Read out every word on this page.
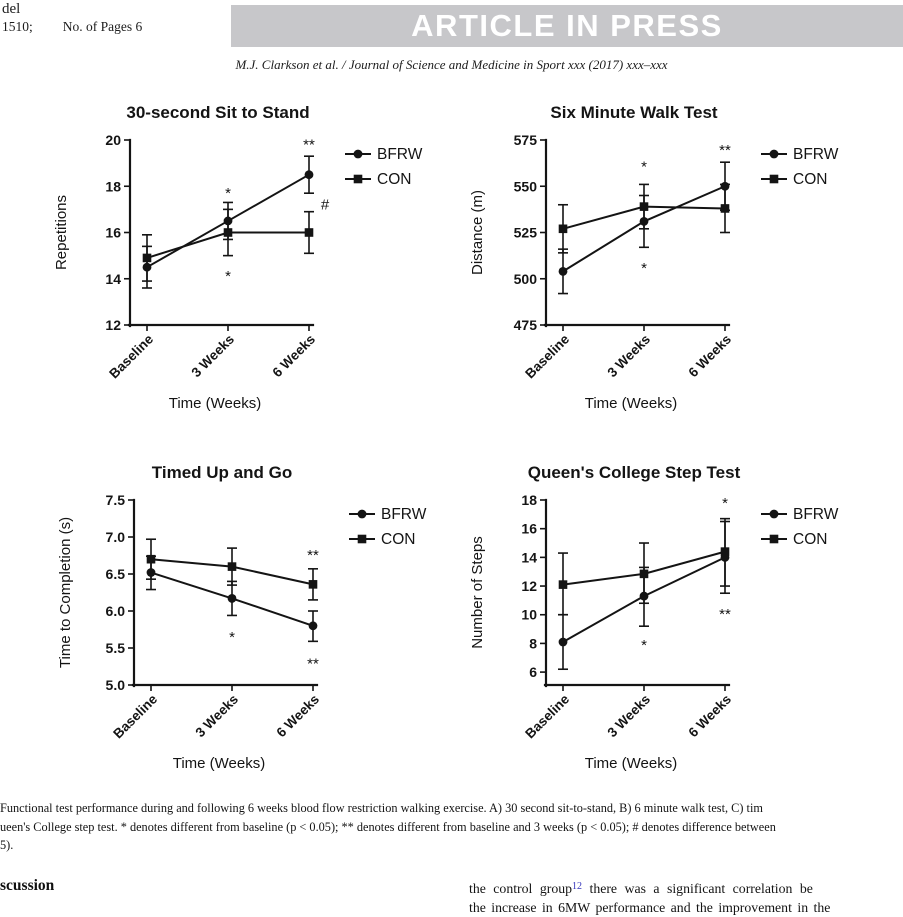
del
1510; No. of Pages 6	ARTICLE IN PRESS
M.J. Clarkson et al. / Journal of Science and Medicine in Sport xxx (2017) xxx–xxx
30-second Sit to Stand
Repetitions
20
18
16
14
12
Baseline 3 Weeks 6 Weeks
Time (Weeks)
BFRW
CON
*
*
**
#
Six Minute Walk Test
Distance (m)
575
550
525
500
475
Baseline 3 Weeks 6 Weeks
Time (Weeks)
BFRW
CON
*
*
**
Timed Up and Go
Time to Completion (s)
7.5
7.0
6.5
6.0
5.5
5.0
Baseline 3 Weeks 6 Weeks
Time (Weeks)
BFRW
CON
*
**
**
Queen's College Step Test
Number of Steps
18
16
14
12
10
8
6
Baseline 3 Weeks 6 Weeks
Time (Weeks)
BFRW
CON
*
*
**
Functional test performance during and following 6 weeks blood flow restriction walking exercise. A) 30 second sit-to-stand, B) 6 minute walk test, C) tim
ueen's College step test. * denotes different from baseline (p < 0.05); ** denotes different from baseline and 3 weeks (p < 0.05); # denotes difference between
5).
scussion	the control group$^{12}$ there was a significant correlation be
the increase in 6MW performance and the improvement in the
